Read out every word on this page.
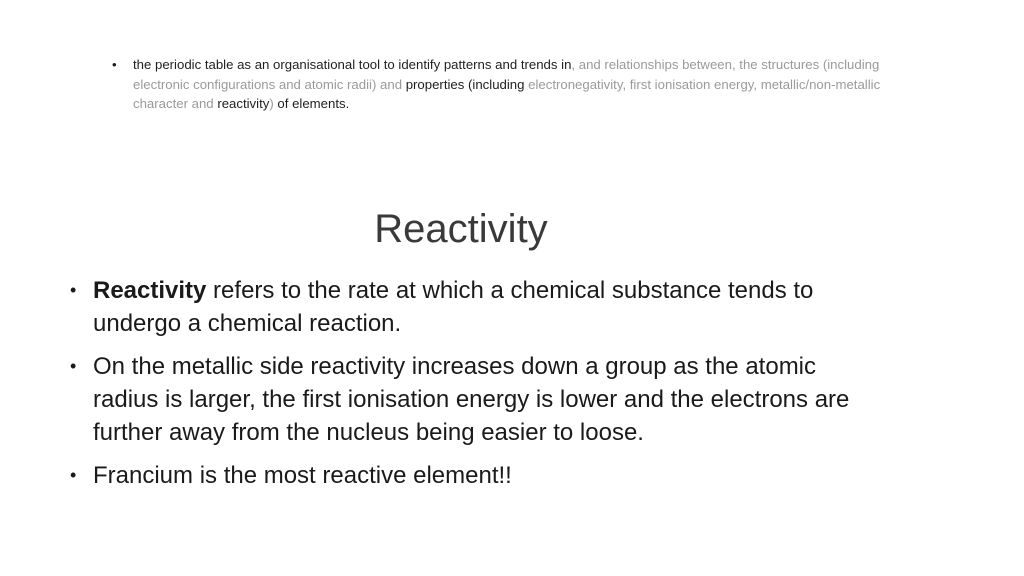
•	the periodic table as an organisational tool to identify patterns and trends in, and relationships between, the structures (including electronic configurations and atomic radii) and properties (including electronegativity, first ionisation energy, metallic/non-metallic character and reactivity) of elements.
Reactivity
• Reactivity refers to the rate at which a chemical substance tends to undergo a chemical reaction.
• On the metallic side reactivity increases down a group as the atomic radius is larger, the first ionisation energy is lower and the electrons are further away from the nucleus being easier to loose.
• Francium is the most reactive element!!
